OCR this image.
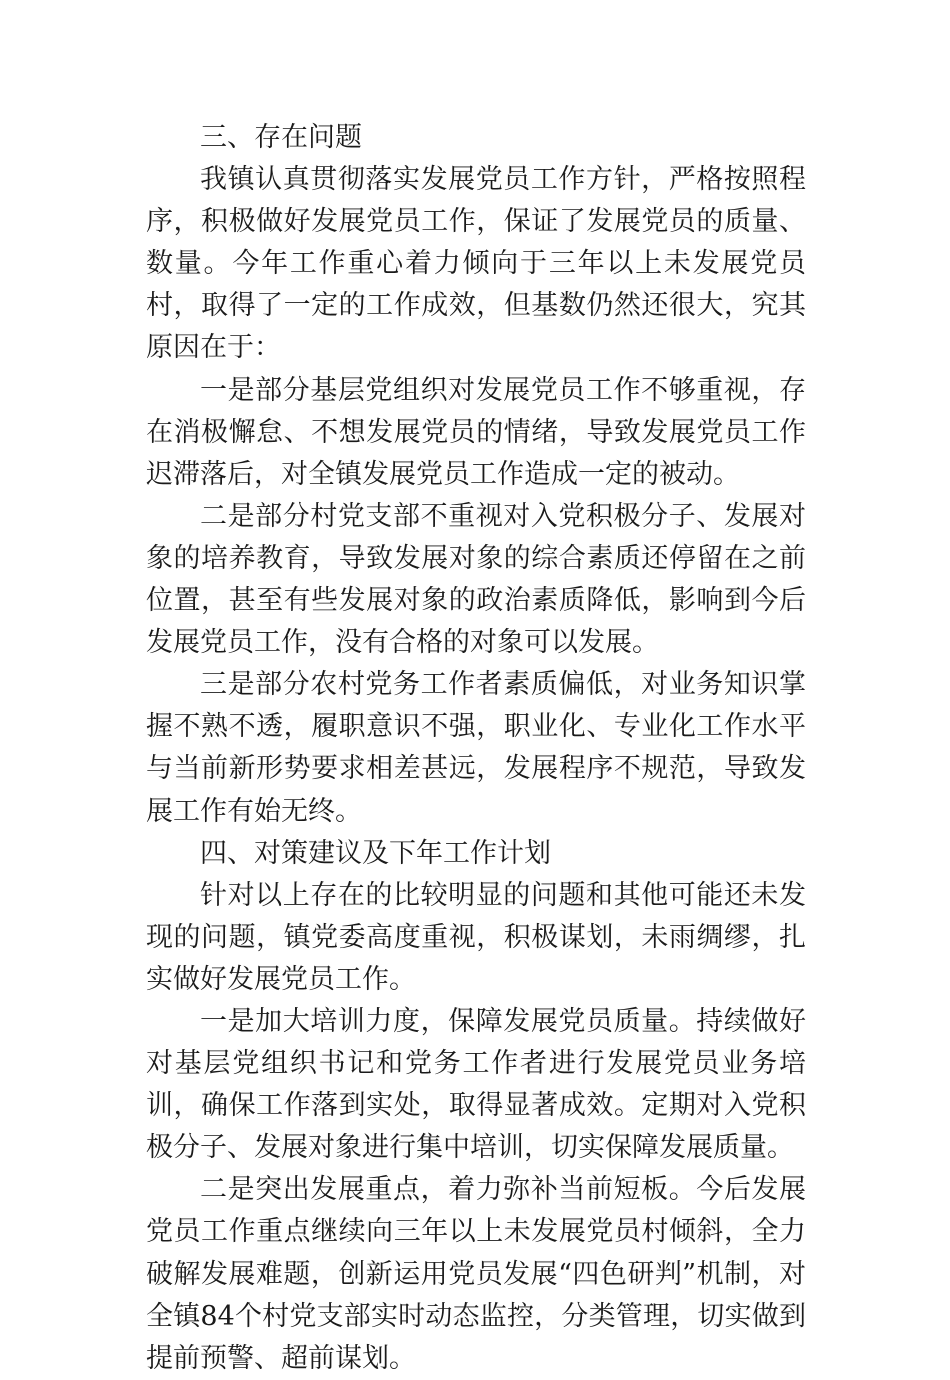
三、存在问题

我镇认真贯彻落实发展党员工作方针，严格按照程序，积极做好发展党员工作，保证了发展党员的质量、数量。今年工作重心着力倾向于三年以上未发展党员村，取得了一定的工作成效，但基数仍然还很大，究其原因在于：

一是部分基层党组织对发展党员工作不够重视，存在消极懈怠、不想发展党员的情绪，导致发展党员工作迟滞落后，对全镇发展党员工作造成一定的被动。

二是部分村党支部不重视对入党积极分子、发展对象的培养教育，导致发展对象的综合素质还停留在之前位置，甚至有些发展对象的政治素质降低，影响到今后发展党员工作，没有合格的对象可以发展。

三是部分农村党务工作者素质偏低，对业务知识掌握不熟不透，履职意识不强，职业化、专业化工作水平与当前新形势要求相差甚远，发展程序不规范，导致发展工作有始无终。

四、对策建议及下年工作计划

针对以上存在的比较明显的问题和其他可能还未发现的问题，镇党委高度重视，积极谋划，未雨绸缪，扎实做好发展党员工作。

一是加大培训力度，保障发展党员质量。持续做好对基层党组织书记和党务工作者进行发展党员业务培训，确保工作落到实处，取得显著成效。定期对入党积极分子、发展对象进行集中培训，切实保障发展质量。

二是突出发展重点，着力弥补当前短板。今后发展党员工作重点继续向三年以上未发展党员村倾斜，全力破解发展难题，创新运用党员发展“四色研判”机制，对全镇84个村党支部实时动态监控，分类管理，切实做到提前预警、超前谋划。
